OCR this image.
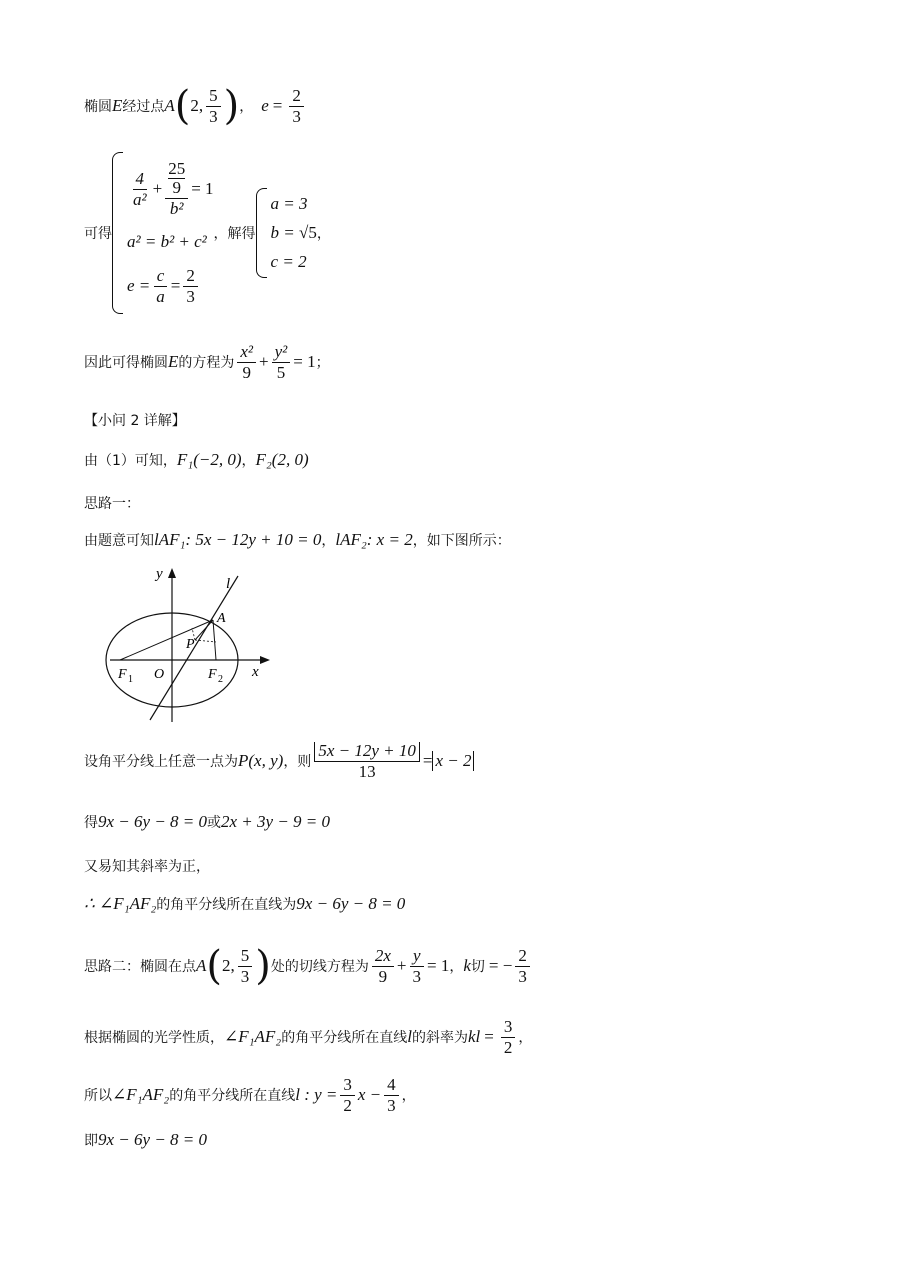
椭圆 E 经过点 A ( 2, $\frac{5}{3}$ ) ， $e = \frac{2}{3}$
可得
$\frac{4}{\text{a²}} + 25$
9
b² = 1
a² = b² + c²
$e = \frac{c}{a} = \frac{2}{3}$
，解得
a = 3
b = √5
c = 2
，
因此可得椭圆 E 的方程为 $\frac{\text{x²}}{9} + \frac{\text{y²}}{5} = 1$ ；
【小问 2 详解】
由（1）可知， F₁(−2, 0) ， F₂(2, 0)
思路一：
由题意可知 l AF₁ : 5x − 12y + 10 = 0 ， l AF₂ : x = 2 ，如下图所示：
y
l
A
P
F 1 O	F 2 x
设角平分线上任意一点为 P(x, y) ，则 $\frac{5x - 12y + 10}{13} = x - 2$
得 9x − 6y − 8 = 0 或 2x + 3y − 9 = 0
又易知其斜率为正，
∴ ∠F₁AF₂ 的角平分线所在直线为 9x − 6y − 8 = 0
思路二：椭圆在点 A ( 2, $\frac{5}{3}$ ) 处的切线方程为 $\frac{2x}{9} + \frac{y}{3} = 1$ ， k 切 = − $\frac{2}{3}$
根据椭圆的光学性质， ∠F₁AF₂ 的角平分线所在直线 l 的斜率为 k $l = \frac{3}{2}$ ，
所以 ∠F₁AF₂ 的角平分线所在直线 l : $y = \frac{3}{2}$ $x - \frac{4}{3}$ ，
即 9x − 6y − 8 = 0
